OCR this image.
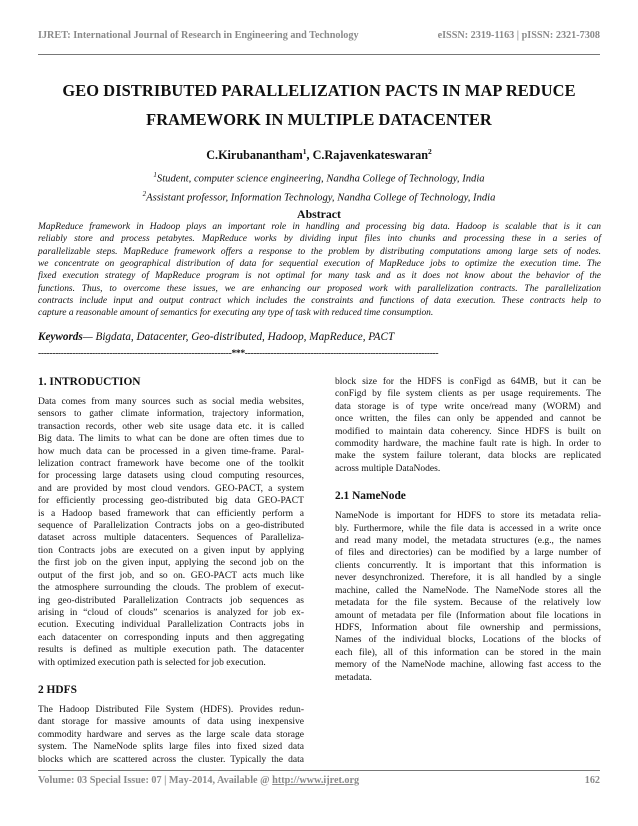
IJRET: International Journal of Research in Engineering and Technology	eISSN: 2319-1163 | pISSN: 2321-7308
GEO DISTRIBUTED PARALLELIZATION PACTS IN MAP REDUCE
FRAMEWORK IN MULTIPLE DATACENTER
C.Kirubanantham$^1$, C.Rajavenkateswaran$^2$
$^1$Student, computer science engineering, Nandha College of Technology, India
$^2$Assistant professor, Information Technology, Nandha College of Technology, India
Abstract
MapReduce framework in Hadoop plays an important role in handling and processing big data. Hadoop is scalable that is it can
reliably store and process petabytes. MapReduce works by dividing input files into chunks and processing these in a series of
parallelizable steps. MapReduce framework offers a response to the problem by distributing computations among large sets of nodes.
we concentrate on geographical distribution of data for sequential execution of MapReduce jobs to optimize the execution time. The
fixed execution strategy of MapReduce program is not optimal for many task and as it does not know about the behavior of the
functions. Thus, to overcome these issues, we are enhancing our proposed work with parallelization contracts. The parallelization
contracts include input and output contract which includes the constraints and functions of data execution. These contracts help to
capture a reasonable amount of semantics for executing any type of task with reduced time consumption.
Keywords— Bigdata, Datacenter, Geo-distributed, Hadoop, MapReduce, PACT
--------------------------------------------------------------------***--------------------------------------------------------------------
1. INTRODUCTION
Data comes from many sources such as social media websites,
sensors to gather climate information, trajectory information,
transaction records, other web site usage data etc. it is called
Big data. The limits to what can be done are often times due to
how much data can be processed in a given time-frame. Paral-
lelization contract framework have become one of the toolkit
for processing large datasets using cloud computing resources,
and are provided by most cloud vendors. GEO-PACT, a system
for efficiently processing geo-distributed big data GEO-PACT
is a Hadoop based framework that can efficiently perform a
sequence of Parallelization Contracts jobs on a geo-distributed
dataset across multiple datacenters. Sequences of Paralleliza-
tion Contracts jobs are executed on a given input by applying
the first job on the given input, applying the second job on the
output of the first job, and so on. GEO-PACT acts much like
the atmosphere surrounding the clouds. The problem of execut-
ing geo-distributed Parallelization Contracts job sequences as
arising in “cloud of clouds” scenarios is analyzed for job ex-
ecution. Executing individual Parallelization Contracts jobs in
each datacenter on corresponding inputs and then aggregating
results is defined as multiple execution path. The datacenter
with optimized execution path is selected for job execution.
2 HDFS
The Hadoop Distributed File System (HDFS). Provides redun-
dant storage for massive amounts of data using inexpensive
commodity hardware and serves as the large scale data storage
system. The NameNode splits large files into fixed sized data
blocks which are scattered across the cluster. Typically the data
block size for the HDFS is conFigd as 64MB, but it can be
conFigd by file system clients as per usage requirements. The
data storage is of type write once/read many (WORM) and
once written, the files can only be appended and cannot be
modified to maintain data coherency. Since HDFS is built on
commodity hardware, the machine fault rate is high. In order to
make the system failure tolerant, data blocks are replicated
across multiple DataNodes.
2.1 NameNode
NameNode is important for HDFS to store its metadata relia-
bly. Furthermore, while the file data is accessed in a write once
and read many model, the metadata structures (e.g., the names
of files and directories) can be modified by a large number of
clients concurrently. It is important that this information is
never desynchronized. Therefore, it is all handled by a single
machine, called the NameNode. The NameNode stores all the
metadata for the file system. Because of the relatively low
amount of metadata per file (Information about file locations in
HDFS, Information about file ownership and permissions,
Names of the individual blocks, Locations of the blocks of
each file), all of this information can be stored in the main
memory of the NameNode machine, allowing fast access to the
metadata.
Volume: 03 Special Issue: 07 | May-2014, Available @ http://www.ijret.org	162
